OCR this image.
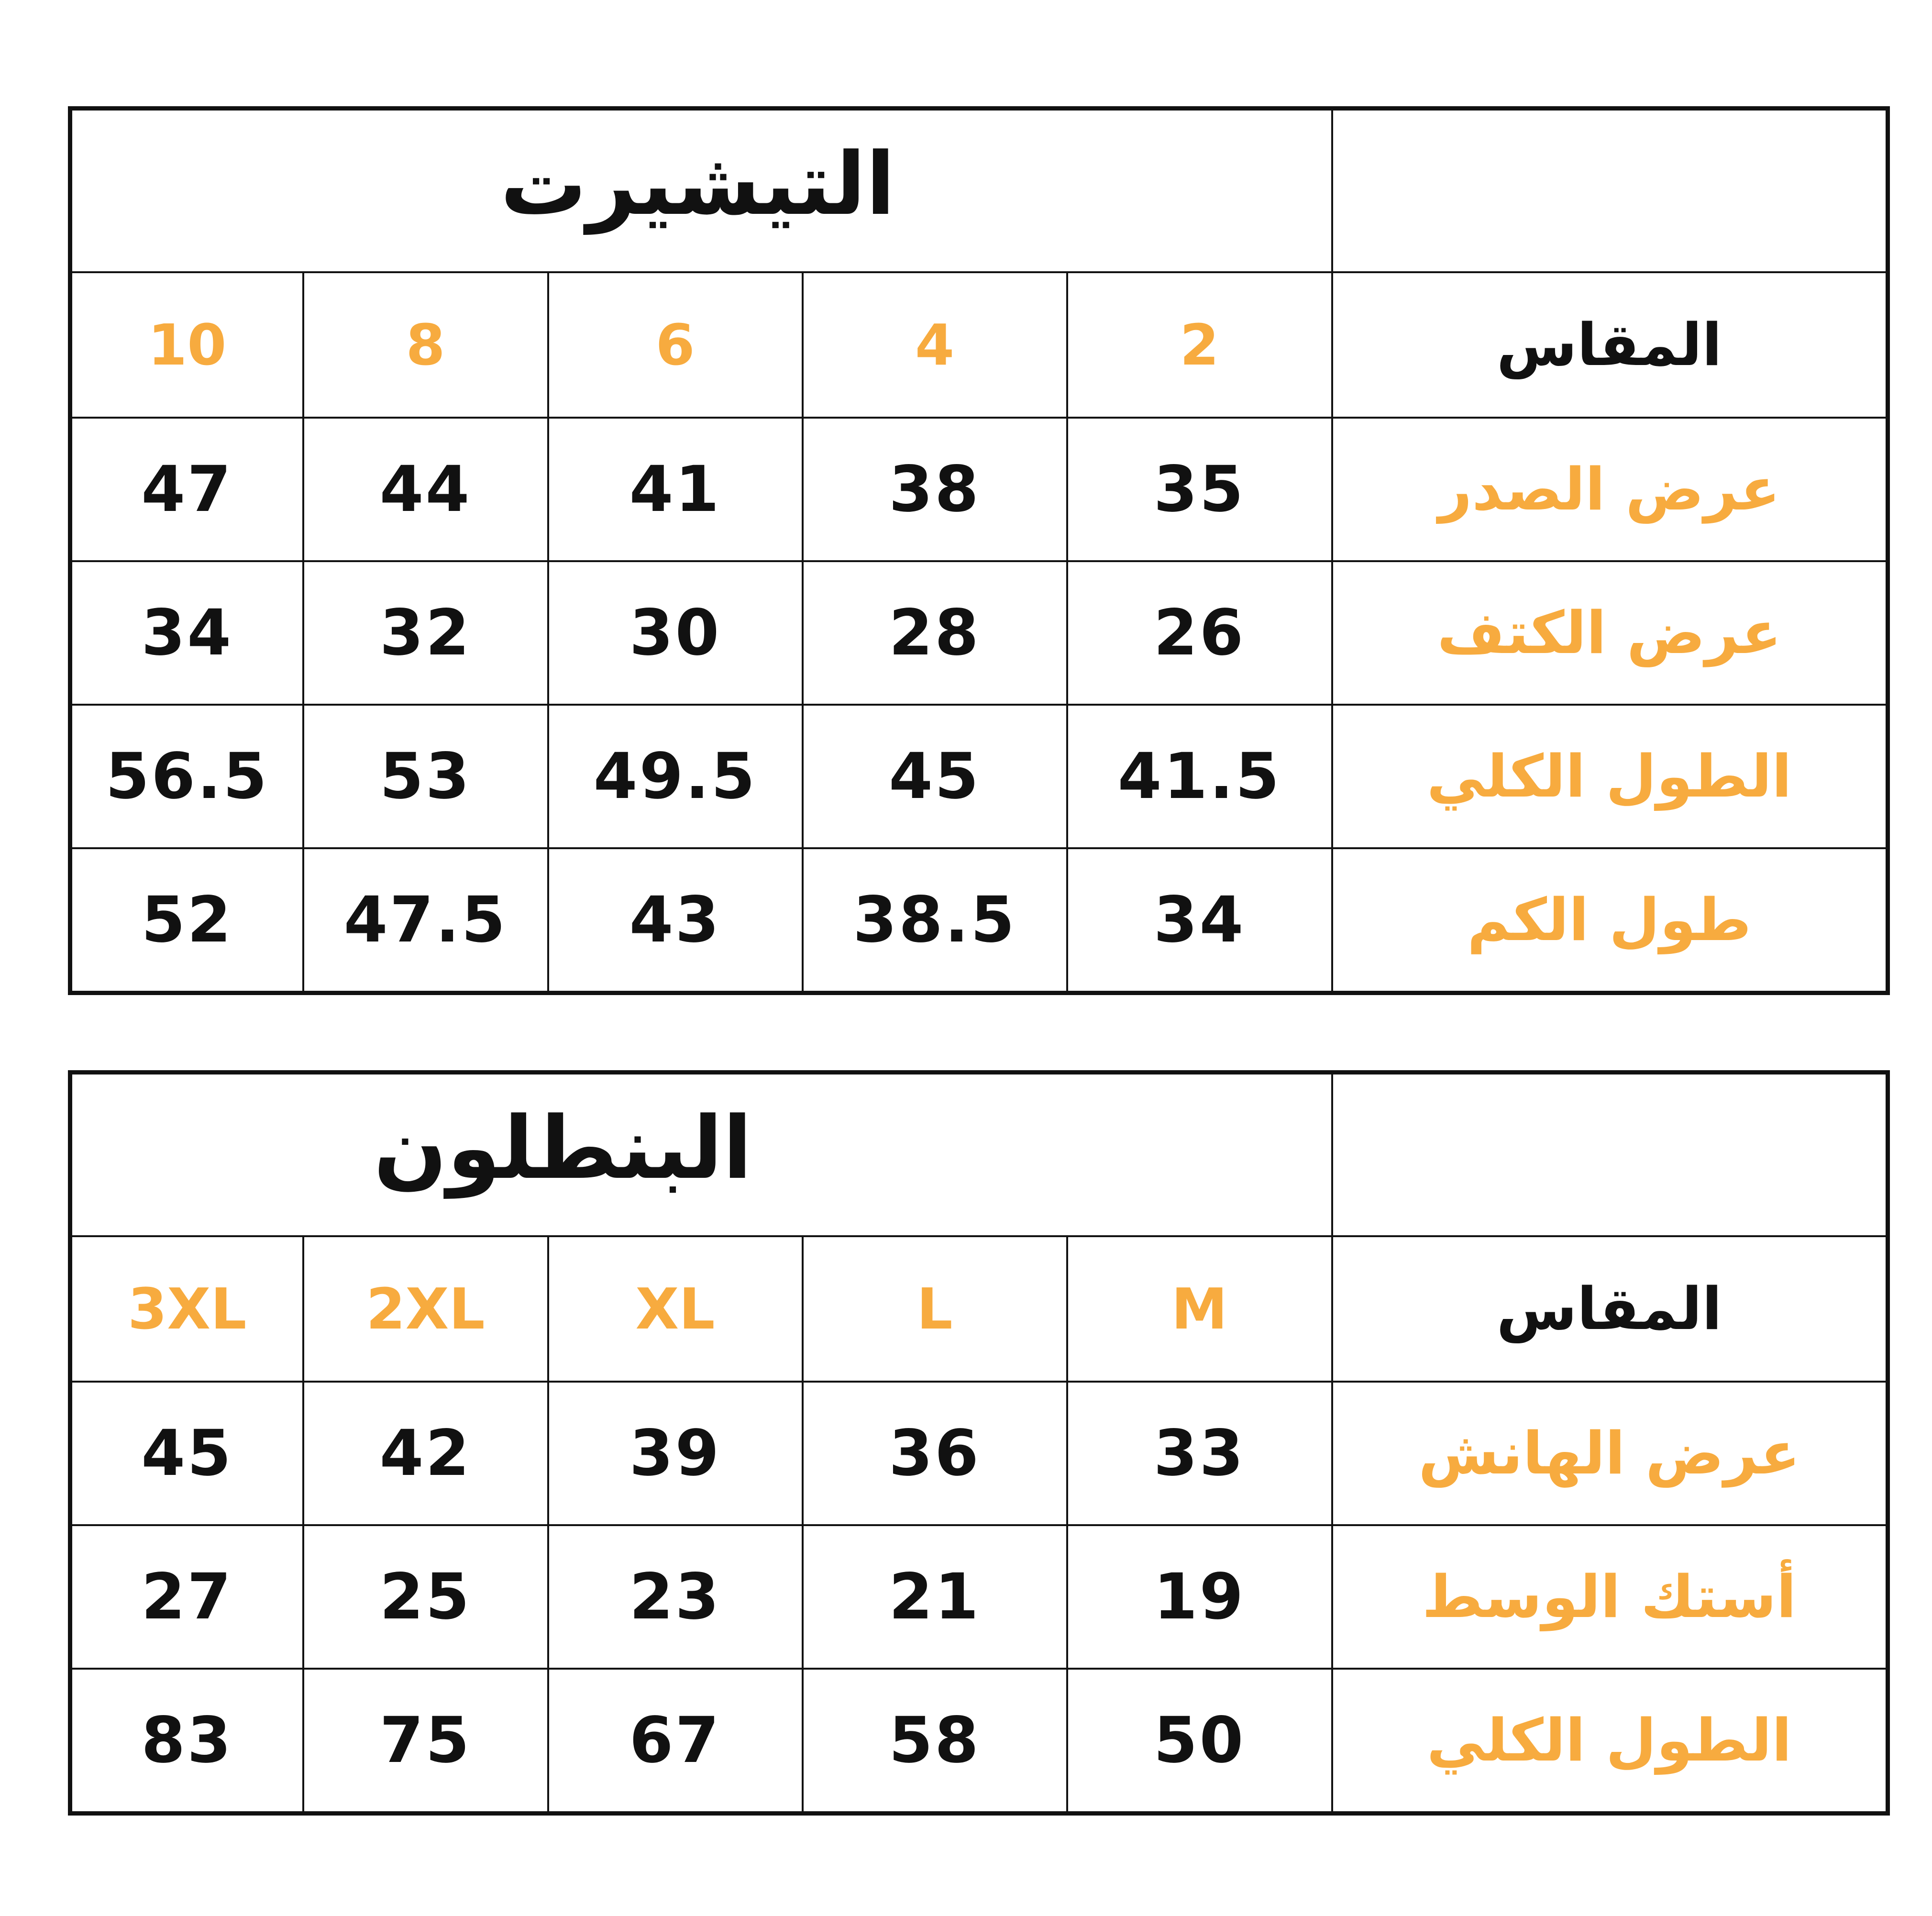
	التيشيرت				
المقاس	2	4	6	8	10
عرض الصدر	35	38	41	44	47
عرض الكتف	26	28	30	32	34
الطول الكلي	41.5	45	49.5	53	56.5
طول الكم	34	38.5	43	47.5	52
	البنطلون				
المقاس	M	L	XL	2XL	3XL
عرض الهانش	33	36	39	42	45
أستك الوسط	19	21	23	25	27
الطول الكلي	50	58	67	75	83
